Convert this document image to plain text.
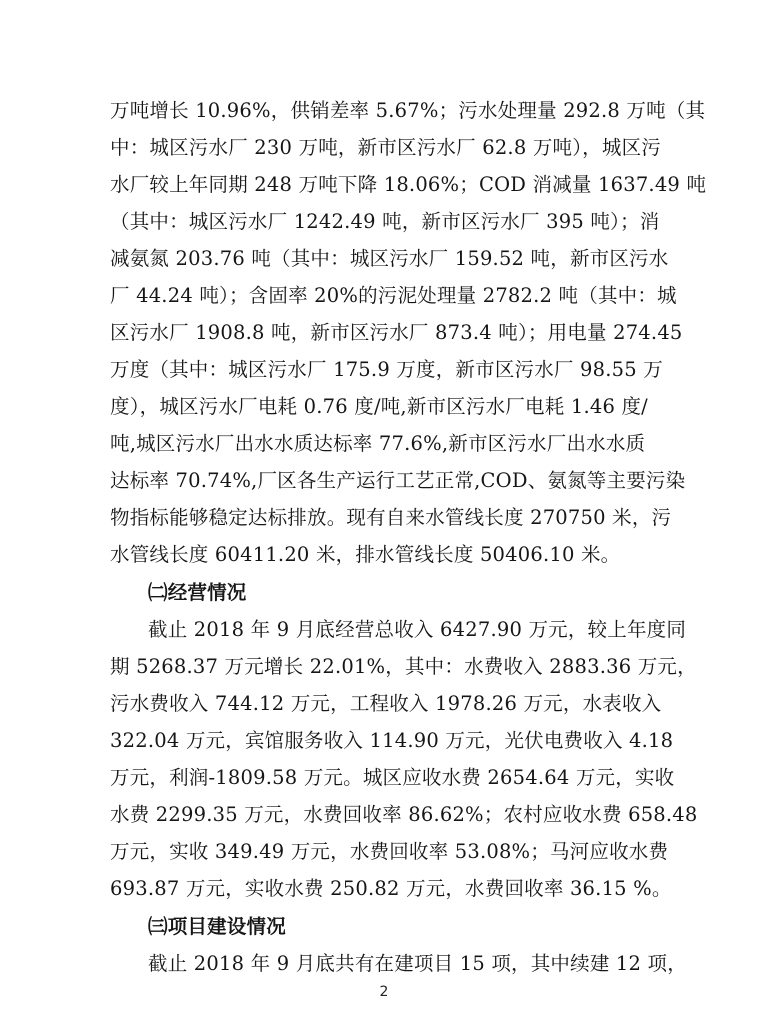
万吨增长 10.96%，供销差率 5.67%；污水处理量 292.8 万吨（其
中：城区污水厂 230 万吨，新市区污水厂 62.8 万吨），城区污
水厂较上年同期 248 万吨下降 18.06%；COD 消减量 1637.49 吨
（其中：城区污水厂 1242.49 吨，新市区污水厂 395 吨）；消
减氨氮 203.76 吨（其中：城区污水厂 159.52 吨，新市区污水
厂 44.24 吨）；含固率 20%的污泥处理量 2782.2 吨（其中：城
区污水厂 1908.8 吨，新市区污水厂 873.4 吨）；用电量 274.45
万度（其中：城区污水厂 175.9 万度，新市区污水厂 98.55 万
度），城区污水厂电耗 0.76 度/吨,新市区污水厂电耗 1.46 度/
吨,城区污水厂出水水质达标率 77.6%,新市区污水厂出水水质
达标率 70.74%,厂区各生产运行工艺正常,COD、氨氮等主要污染
物指标能够稳定达标排放。现有自来水管线长度 270750 米，污
水管线长度 60411.20 米，排水管线长度 50406.10 米。
㈡经营情况
截止 2018 年 9 月底经营总收入 6427.90 万元，较上年度同
期 5268.37 万元增长 22.01%，其中：水费收入 2883.36 万元，
污水费收入 744.12 万元，工程收入 1978.26 万元，水表收入
322.04 万元，宾馆服务收入 114.90 万元，光伏电费收入 4.18
万元，利润-1809.58 万元。城区应收水费 2654.64 万元，实收
水费 2299.35 万元，水费回收率 86.62%；农村应收水费 658.48
万元，实收 349.49 万元，水费回收率 53.08%；马河应收水费
693.87 万元，实收水费 250.82 万元，水费回收率 36.15 %。
㈢项目建设情况
2
截止 2018 年 9 月底共有在建项目 15 项，其中续建 12 项，
